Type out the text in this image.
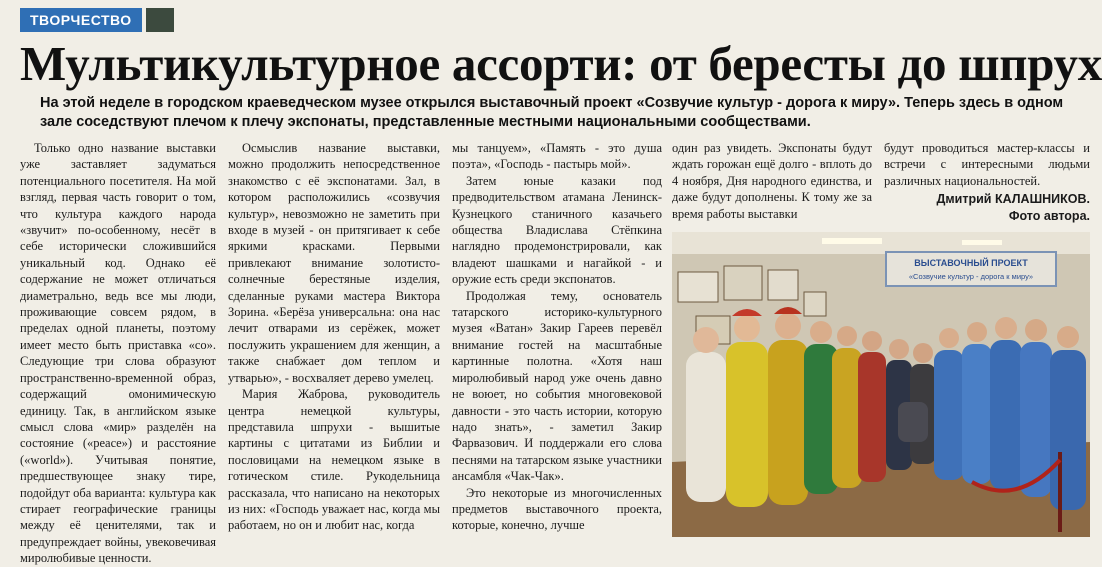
ТВОРЧЕСТВО
Мультикультурное ассорти: от бересты до шпрух
На этой неделе в городском краеведческом музее открылся выставочный проект «Созвучие культур - дорога к миру». Теперь здесь в одном зале соседствуют плечом к плечу экспонаты, представленные местными национальными сообществами.

Только одно название выставки уже заставляет задуматься потенциального посетителя. На мой взгляд, первая часть говорит о том, что культура каждого народа «звучит» по-особенному, несёт в себе исторически сложившийся уникальный код. Однако её содержание не может отличаться диаметрально, ведь все мы люди, проживающие совсем рядом, в пределах одной планеты, поэтому имеет место быть приставка «со». Следующие три слова образуют пространственно-временной образ, содержащий омонимическую единицу. Так, в английском языке смысл слова «мир» разделён на состояние («peace») и расстояние («world»). Учитывая понятие, предшествующее знаку тире, подойдут оба варианта: культура как стирает географические границы между её ценителями, так и предупреждает войны, увековечивая миролюбивые ценности.

Осмыслив название выставки, можно продолжить непосредственное знакомство с её экспонатами. Зал, в котором расположились «созвучия культур», невозможно не заметить при входе в музей - он притягивает к себе яркими красками. Первыми привлекают внимание золотисто-солнечные берестяные изделия, сделанные руками мастера Виктора Зорина. «Берёза универсальна: она нас лечит отварами из серёжек, может послужить украшением для женщин, а также снабжает дом теплом и утварью», - восхваляет дерево умелец.

Мария Жаброва, руководитель центра немецкой культуры, представила шпрухи - вышитые картины с цитатами из Библии и пословицами на немецком языке в готическом стиле. Рукодельница рассказала, что написано на некоторых из них: «Господь уважает нас, когда мы работаем, но он и любит нас, когда

мы танцуем», «Память - это душа поэта», «Господь - пастырь мой».

Затем юные казаки под предводительством атамана Ленинск-Кузнецкого станичного казачьего общества Владислава Стёпкина наглядно продемонстрировали, как владеют шашками и нагайкой - и оружие есть среди экспонатов.

Продолжая тему, основатель татарского историко-культурного музея «Ватан» Закир Гареев перевёл внимание гостей на масштабные картинные полотна. «Хотя наш миролюбивый народ уже очень давно не воюет, но события многовековой давности - это часть истории, которую надо знать», - заметил Закир Фарвазович. И поддержали его слова песнями на татарском языке участники ансамбля «Чак-Чак».

Это некоторые из многочисленных предметов выставочного проекта, которые, конечно, лучше

один раз увидеть. Экспонаты будут ждать горожан ещё долго - вплоть до 4 ноября, Дня народного единства, и даже будут дополнены. К тому же за время работы выставки

будут проводиться мастер-классы и встречи с интересными людьми различных национальностей.

Дмитрий КАЛАШНИКОВ.
Фото автора.
ВЫСТАВОЧНЫЙ ПРОЕКТ
«Созвучие культур - дорога к миру»
